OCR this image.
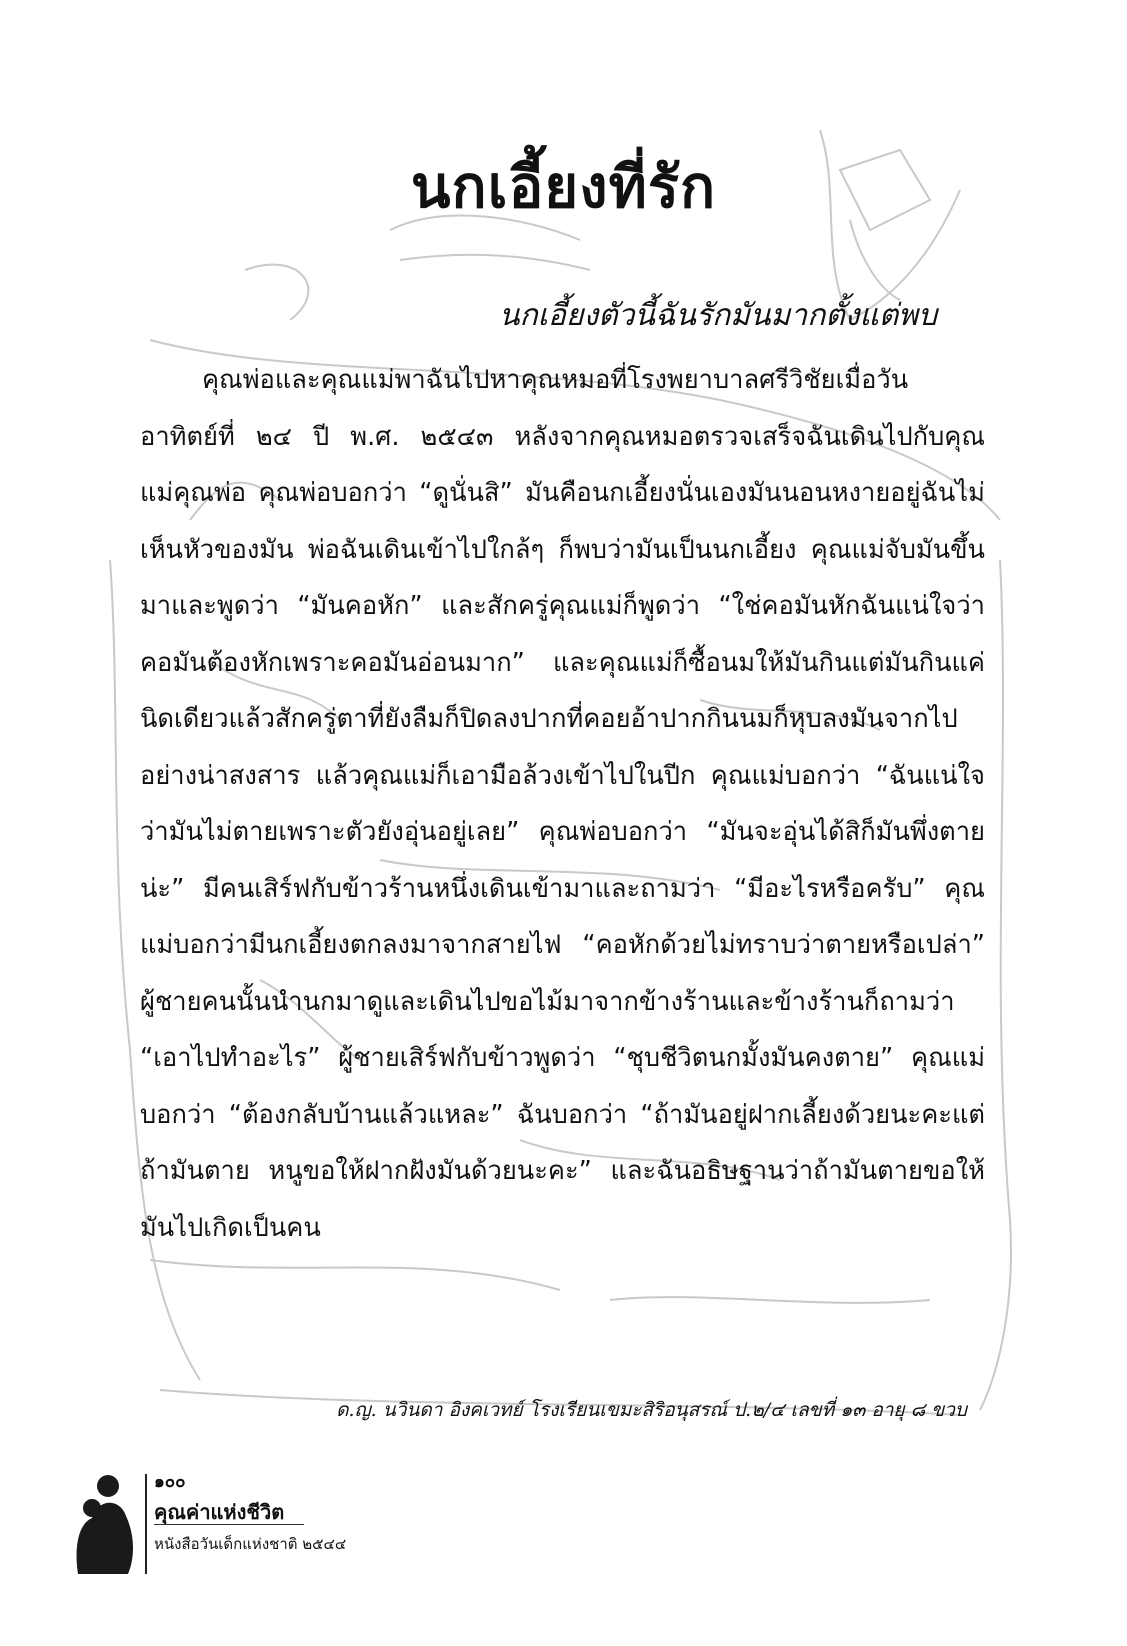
นกเอี้ยงที่รัก
นกเอี้ยงตัวนี้ฉันรักมันมากตั้งแต่พบ

คุณพ่อและคุณแม่พาฉันไปหาคุณหมอที่โรงพยาบาลศรีวิชัยเมื่อวันอาทิตย์ที่ ๒๔ ปี พ.ศ. ๒๕๔๓ หลังจากคุณหมอตรวจเสร็จฉันเดินไปกับคุณแม่คุณพ่อ คุณพ่อบอกว่า “ดูนั่นสิ” มันคือนกเอี้ยงนั่นเองมันนอนหงายอยู่ฉันไม่เห็นหัวของมัน พ่อฉันเดินเข้าไปใกล้ๆ ก็พบว่ามันเป็นนกเอี้ยง คุณแม่จับมันขึ้นมาและพูดว่า “มันคอหัก” และสักครู่คุณแม่ก็พูดว่า “ใช่คอมันหักฉันแน่ใจว่าคอมันต้องหักเพราะคอมันอ่อนมาก” และคุณแม่ก็ซื้อนมให้มันกินแต่มันกินแค่นิดเดียวแล้วสักครู่ตาที่ยังลืมก็ปิดลงปากที่คอยอ้าปากกินนมก็หุบลงมันจากไปอย่างน่าสงสาร แล้วคุณแม่ก็เอามือล้วงเข้าไปในปีก คุณแม่บอกว่า “ฉันแน่ใจว่ามันไม่ตายเพราะตัวยังอุ่นอยู่เลย” คุณพ่อบอกว่า “มันจะอุ่นได้สิก็มันพึ่งตายน่ะ” มีคนเสิร์ฟกับข้าวร้านหนึ่งเดินเข้ามาและถามว่า “มีอะไรหรือครับ” คุณแม่บอกว่ามีนกเอี้ยงตกลงมาจากสายไฟ “คอหักด้วยไม่ทราบว่าตายหรือเปล่า” ผู้ชายคนนั้นนำนกมาดูและเดินไปขอไม้มาจากข้างร้านและข้างร้านก็ถามว่า “เอาไปทำอะไร” ผู้ชายเสิร์ฟกับข้าวพูดว่า “ชุบชีวิตนกมั้งมันคงตาย” คุณแม่บอกว่า “ต้องกลับบ้านแล้วแหละ” ฉันบอกว่า “ถ้ามันอยู่ฝากเลี้ยงด้วยนะคะแต่ถ้ามันตาย หนูขอให้ฝากฝังมันด้วยนะคะ” และฉันอธิษฐานว่าถ้ามันตายขอให้มันไปเกิดเป็นคน

ด.ญ. นวินดา อิงคเวทย์ โรงเรียนเขมะสิริอนุสรณ์ ป.๒/๔ เลขที่ ๑๓ อายุ ๘ ขวบ
๑๐๐
คุณค่าแห่งชีวิต
หนังสือวันเด็กแห่งชาติ ๒๕๔๔
